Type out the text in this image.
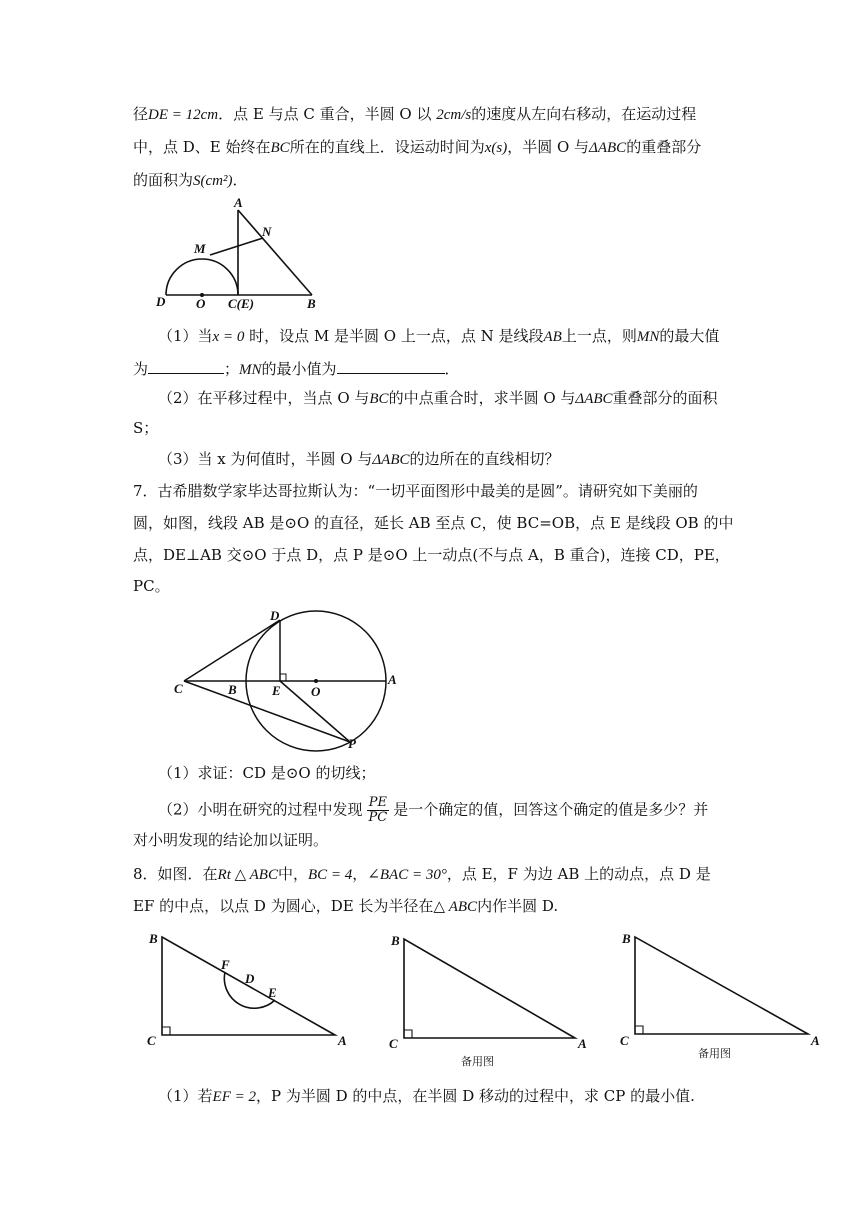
径DE = 12cm．点 E 与点 C 重合，半圆 O 以 2cm/s的速度从左向右移动，在运动过程
中，点 D、E 始终在BC所在的直线上．设运动时间为x(s)，半圆 O 与ΔABC的重叠部分
的面积为S(cm²)．
A
N
M
D O C(E)	B
（1）当x = 0 时，设点 M 是半圆 O 上一点，点 N 是线段AB上一点，则MN的最大值
为	；MN的最小值为	．
（2）在平移过程中，当点 O 与BC的中点重合时，求半圆 O 与ΔABC重叠部分的面积
S；
（3）当 x 为何值时，半圆 O 与ΔABC的边所在的直线相切？
7．古希腊数学家毕达哥拉斯认为：“一切平面图形中最美的是圆”。请研究如下美丽的
圆，如图，线段 AB 是⊙O 的直径，延长 AB 至点 C，使 BC=OB，点 E 是线段 OB 的中
点，DE⊥AB 交⊙O 于点 D，点 P 是⊙O 上一动点(不与点 A，B 重合)，连接 CD，PE，
PC。
D
C	B	E O
A
P
（1）求证：CD 是⊙O 的切线；
（2）小明在研究的过程中发现 $\frac{PE}{PC}$ 是一个确定的值，回答这个确定的值是多少？并
对小明发现的结论加以证明。
8．如图．在Rt △ ABC中，BC = 4，∠BAC = 30°，点 E，F 为边 AB 上的动点，点 D 是
EF 的中点，以点 D 为圆心，DE 长为半径在△ ABC内作半圆 D.
B
C	A
F
D
E
B
C	A
备用图
B
C	A
备用图
（1）若EF = 2，P 为半圆 D 的中点，在半圆 D 移动的过程中，求 CP 的最小值.
